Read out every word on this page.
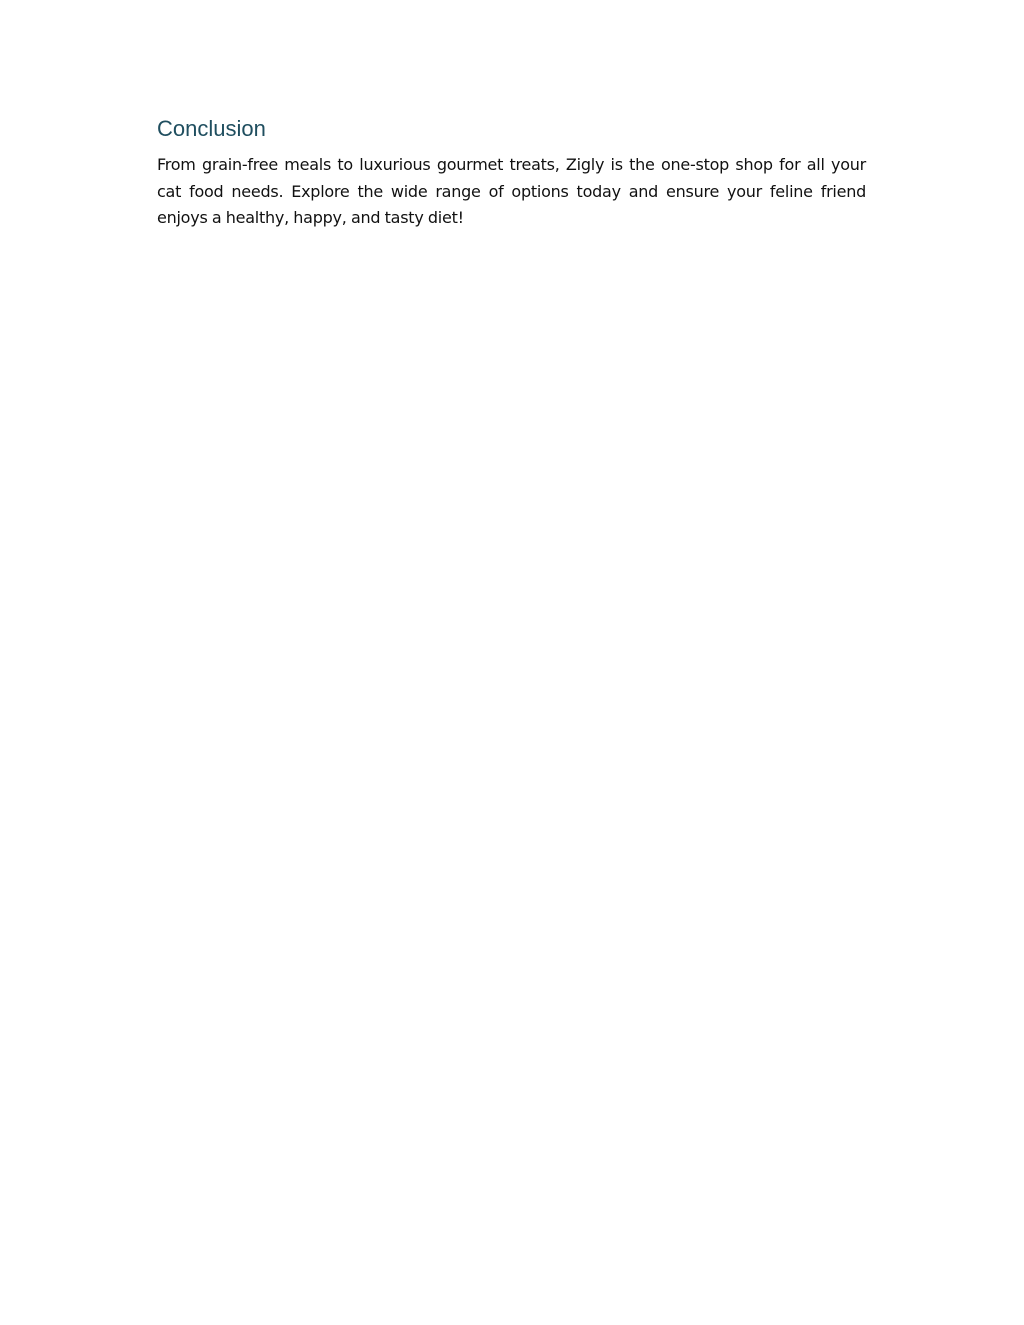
Conclusion

From grain-free meals to luxurious gourmet treats, Zigly is the one-stop shop for all your cat food needs. Explore the wide range of options today and ensure your feline friend enjoys a healthy, happy, and tasty diet!
